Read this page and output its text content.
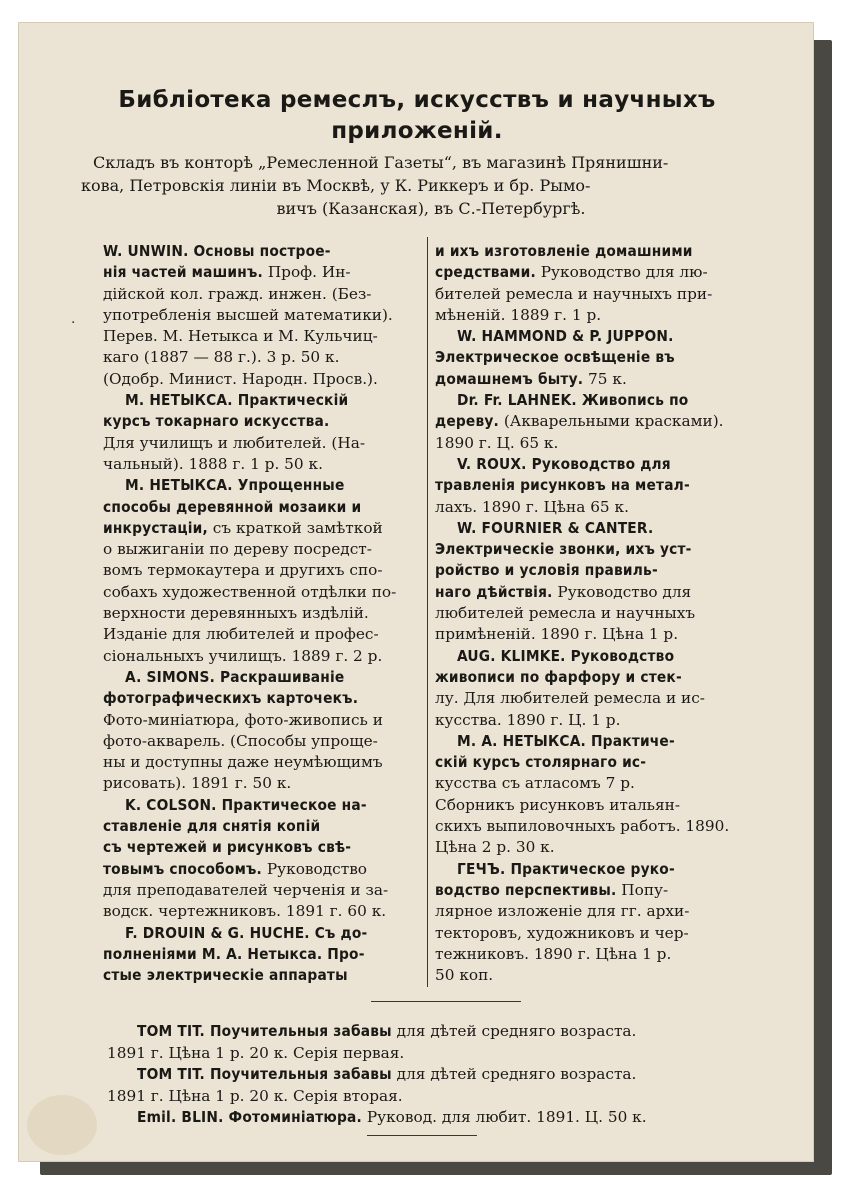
Библіотека ремеслъ, искусствъ и научныхъ
приложеній.
Складъ въ конторѣ „Ремесленной Газеты“, въ магазинѣ Прянишни-
кова, Петровскія линіи въ Москвѣ, у К. Риккеръ и бр. Рымо-
вичъ (Казанская), въ С.-Петербургѣ.
W. UNWIN. Основы построе-
нія частей машинъ. Проф. Ин-
дійской кол. гражд. инжен. (Без-
употребленія высшей математики).
Перев. М. Нетыкса и М. Кульчиц-
каго (1887 — 88 г.). 3 р. 50 к.
(Одобр. Минист. Народн. Просв.).
М. НЕТЫКСА. Практическій
курсъ токарнаго искусства.
Для училищъ и любителей. (На-
чальный). 1888 г. 1 р. 50 к.
М. НЕТЫКСА. Упрощенные
способы деревянной мозаики и
инкрустаціи, съ краткой замѣткой
о выжиганіи по дереву посредст-
вомъ термокаутера и другихъ спо-
собахъ художественной отдѣлки по-
верхности деревянныхъ издѣлій.
Изданіе для любителей и профес-
сіональныхъ училищъ. 1889 г. 2 р.
A. SIMONS. Раскрашиваніе
фотографическихъ карточекъ.
Фото-миніатюра, фото-живопись и
фото-акварель. (Способы упроще-
ны и доступны даже неумѣющимъ
рисовать). 1891 г. 50 к.
K. COLSON. Практическое на-
ставленіе для снятія копій
съ чертежей и рисунковъ свѣ-
товымъ способомъ. Руководство
для преподавателей черченія и за-
водск. чертежниковъ. 1891 г. 60 к.
F. DROUIN & G. HUCHE. Съ до-
полненіями М. А. Нетыкса. Про-
стые электрическіе аппараты
и ихъ изготовленіе домашними
средствами. Руководство для лю-
бителей ремесла и научныхъ при-
мѣненій. 1889 г. 1 р.
W. HAMMOND & P. JUPPON.
Электрическое освѣщеніе въ
домашнемъ быту. 75 к.
Dr. Fr. LAHNEK. Живопись по
дереву. (Акварельными красками).
1890 г. Ц. 65 к.
V. ROUX. Руководство для
травленія рисунковъ на метал-
лахъ. 1890 г. Цѣна 65 к.
W. FOURNIER & CANTER.
Электрическіе звонки, ихъ уст-
ройство и условія правиль-
наго дѣйствія. Руководство для
любителей ремесла и научныхъ
примѣненій. 1890 г. Цѣна 1 р.
AUG. KLIMKE. Руководство
живописи по фарфору и стек-
лу. Для любителей ремесла и ис-
кусства. 1890 г. Ц. 1 р.
М. А. НЕТЫКСА. Практиче-
скій курсъ столярнаго ис-
кусства съ атласомъ 7 р.
Сборникъ рисунковъ итальян-
скихъ выпиловочныхъ работъ. 1890.
Цѣна 2 р. 30 к.
ГЕЧЪ. Практическое руко-
водство перспективы. Попу-
лярное изложеніе для гг. архи-
текторовъ, художниковъ и чер-
тежниковъ. 1890 г. Цѣна 1 р.
50 коп.
TOM TIT. Поучительныя забавы для дѣтей средняго возраста.
1891 г. Цѣна 1 р. 20 к. Серія первая.
TOM TIT. Поучительныя забавы для дѣтей средняго возраста.
1891 г. Цѣна 1 р. 20 к. Серія вторая.
Emil. BLIN. Фотоминіатюра. Руковод. для любит. 1891. Ц. 50 к.
·
